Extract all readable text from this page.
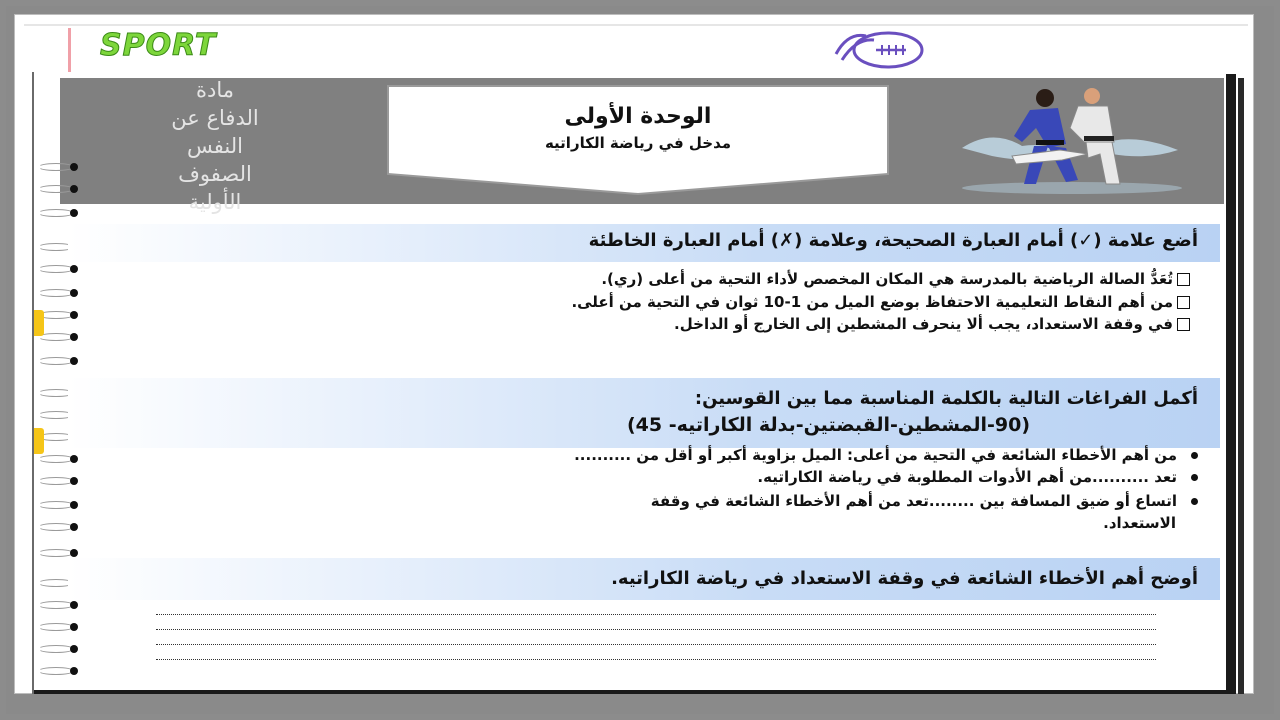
SPORT
مادة
الدفاع عن
النفس
الصفوف
الأولية
الوحدة الأولى
مدخل في رياضة الكاراتيه
أضع علامة (✓) أمام العبارة الصحيحة، وعلامة (✗) أمام العبارة الخاطئة
تُعَدُّ الصالة الرياضية بالمدرسة هي المكان المخصص لأداء التحية من أعلى (ري).
من أهم النقاط التعليمية الاحتفاظ بوضع الميل من 1-10 ثوان في التحية من أعلى.
في وقفة الاستعداد، يجب ألا ينحرف المشطين إلى الخارج أو الداخل.
أكمل الفراغات التالية بالكلمة المناسبة مما بين القوسين:
(90-المشطين-القبضتين-بدلة الكاراتيه- 45)
من أهم الأخطاء الشائعة في التحية من أعلى: الميل بزاوية أكبر أو أقل من ..........
تعد ..........من أهم الأدوات المطلوبة في رياضة الكاراتيه.
اتساع أو ضيق المسافة بين ........تعد من أهم الأخطاء الشائعة في وقفة
الاستعداد.
أوضح أهم الأخطاء الشائعة في وقفة الاستعداد في رياضة الكاراتيه.
